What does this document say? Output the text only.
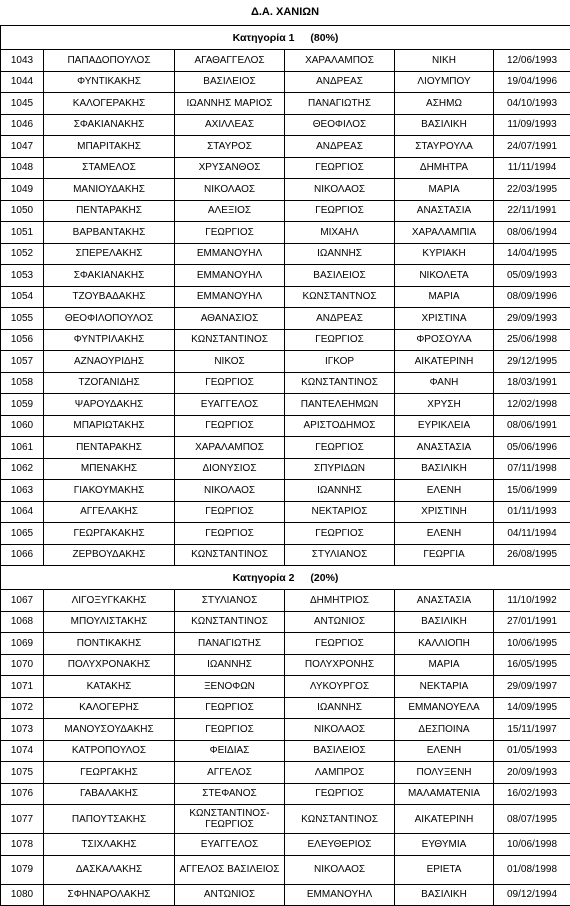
Δ.Α. ΧΑΝΙΩΝ
Κατηγορία 1 (80%)					
1043	ΠΑΠΑΔΟΠΟΥΛΟΣ	ΑΓΑΘΑΓΓΕΛΟΣ	ΧΑΡΑΛΑΜΠΟΣ	ΝΙΚΗ	12/06/1993
1044	ΦΥΝΤΙΚΑΚΗΣ	ΒΑΣΙΛΕΙΟΣ	ΑΝΔΡΕΑΣ	ΛΙΟΥΜΠΟΥ	19/04/1996
1045	ΚΑΛΟΓΕΡΑΚΗΣ	ΙΩΑΝΝΗΣ ΜΑΡΙΟΣ	ΠΑΝΑΓΙΩΤΗΣ	ΑΣΗΜΩ	04/10/1993
1046	ΣΦΑΚΙΑΝΑΚΗΣ	ΑΧΙΛΛΕΑΣ	ΘΕΟΦΙΛΟΣ	ΒΑΣΙΛΙΚΗ	11/09/1993
1047	ΜΠΑΡΙΤΑΚΗΣ	ΣΤΑΥΡΟΣ	ΑΝΔΡΕΑΣ	ΣΤΑΥΡΟΥΛΑ	24/07/1991
1048	ΣΤΑΜΕΛΟΣ	ΧΡΥΣΑΝΘΟΣ	ΓΕΩΡΓΙΟΣ	ΔΗΜΗΤΡΑ	11/11/1994
1049	ΜΑΝΙΟΥΔΑΚΗΣ	ΝΙΚΟΛΑΟΣ	ΝΙΚΟΛΑΟΣ	ΜΑΡΙΑ	22/03/1995
1050	ΠΕΝΤΑΡΑΚΗΣ	ΑΛΕΞΙΟΣ	ΓΕΩΡΓΙΟΣ	ΑΝΑΣΤΑΣΙΑ	22/11/1991
1051	ΒΑΡΒΑΝΤΑΚΗΣ	ΓΕΩΡΓΙΟΣ	ΜΙΧΑΗΛ	ΧΑΡΑΛΑΜΠΙΑ	08/06/1994
1052	ΣΠΕΡΕΛΑΚΗΣ	ΕΜΜΑΝΟΥΗΛ	ΙΩΑΝΝΗΣ	ΚΥΡΙΑΚΗ	14/04/1995
1053	ΣΦΑΚΙΑΝΑΚΗΣ	ΕΜΜΑΝΟΥΗΛ	ΒΑΣΙΛΕΙΟΣ	ΝΙΚΟΛΕΤΑ	05/09/1993
1054	ΤΖΟΥΒΑΔΑΚΗΣ	ΕΜΜΑΝΟΥΗΛ	ΚΩΝΣΤΑΝΤΝΟΣ	ΜΑΡΙΑ	08/09/1996
1055	ΘΕΟΦΙΛΟΠΟΥΛΟΣ	ΑΘΑΝΑΣΙΟΣ	ΑΝΔΡΕΑΣ	ΧΡΙΣΤΙΝΑ	29/09/1993
1056	ΦΥΝΤΡΙΛΑΚΗΣ	ΚΩΝΣΤΑΝΤΙΝΟΣ	ΓΕΩΡΓΙΟΣ	ΦΡΟΣΟΥΛΑ	25/06/1998
1057	ΑΖΝΑΟΥΡΙΔΗΣ	ΝΙΚΟΣ	ΙΓΚΟΡ	ΑΙΚΑΤΕΡΙΝΗ	29/12/1995
1058	ΤΖΟΓΑΝΙΔΗΣ	ΓΕΩΡΓΙΟΣ	ΚΩΝΣΤΑΝΤΙΝΟΣ	ΦΑΝΗ	18/03/1991
1059	ΨΑΡΟΥΔΑΚΗΣ	ΕΥΑΓΓΕΛΟΣ	ΠΑΝΤΕΛΕΗΜΩΝ	ΧΡΥΣΗ	12/02/1998
1060	ΜΠΑΡΙΩΤΑΚΗΣ	ΓΕΩΡΓΙΟΣ	ΑΡΙΣΤΟΔΗΜΟΣ	ΕΥΡΙΚΛΕΙΑ	08/06/1991
1061	ΠΕΝΤΑΡΑΚΗΣ	ΧΑΡΑΛΑΜΠΟΣ	ΓΕΩΡΓΙΟΣ	ΑΝΑΣΤΑΣΙΑ	05/06/1996
1062	ΜΠΕΝΑΚΗΣ	ΔΙΟΝΥΣΙΟΣ	ΣΠΥΡΙΔΩΝ	ΒΑΣΙΛΙΚΗ	07/11/1998
1063	ΓΙΑΚΟΥΜΑΚΗΣ	ΝΙΚΟΛΑΟΣ	ΙΩΑΝΝΗΣ	ΕΛΕΝΗ	15/06/1999
1064	ΑΓΓΕΛΑΚΗΣ	ΓΕΩΡΓΙΟΣ	ΝΕΚΤΑΡΙΟΣ	ΧΡΙΣΤΙΝΗ	01/11/1993
1065	ΓΕΩΡΓΑΚΑΚΗΣ	ΓΕΩΡΓΙΟΣ	ΓΕΩΡΓΙΟΣ	ΕΛΕΝΗ	04/11/1994
1066	ΖΕΡΒΟΥΔΑΚΗΣ	ΚΩΝΣΤΑΝΤΙΝΟΣ	ΣΤΥΛΙΑΝΟΣ	ΓΕΩΡΓΙΑ	26/08/1995
Κατηγορία 2 (20%)					
1067	ΛΙΓΟΞΥΓΚΑΚΗΣ	ΣΤΥΛΙΑΝΟΣ	ΔΗΜΗΤΡΙΟΣ	ΑΝΑΣΤΑΣΙΑ	11/10/1992
1068	ΜΠΟΥΛΙΣΤΑΚΗΣ	ΚΩΝΣΤΑΝΤΙΝΟΣ	ΑΝΤΩΝΙΟΣ	ΒΑΣΙΛΙΚΗ	27/01/1991
1069	ΠΟΝΤΙΚΑΚΗΣ	ΠΑΝΑΓΙΩΤΗΣ	ΓΕΩΡΓΙΟΣ	ΚΑΛΛΙΟΠΗ	10/06/1995
1070	ΠΟΛΥΧΡΟΝΑΚΗΣ	ΙΩΑΝΝΗΣ	ΠΟΛΥΧΡΟΝΗΣ	ΜΑΡΙΑ	16/05/1995
1071	ΚΑΤΑΚΗΣ	ΞΕΝΟΦΩΝ	ΛΥΚΟΥΡΓΟΣ	ΝΕΚΤΑΡΙΑ	29/09/1997
1072	ΚΑΛΟΓΕΡΗΣ	ΓΕΩΡΓΙΟΣ	ΙΩΑΝΝΗΣ	ΕΜΜΑΝΟΥΕΛΑ	14/09/1995
1073	ΜΑΝΟΥΣΟΥΔΑΚΗΣ	ΓΕΩΡΓΙΟΣ	ΝΙΚΟΛΑΟΣ	ΔΕΣΠΟΙΝΑ	15/11/1997
1074	ΚΑΤΡΟΠΟΥΛΟΣ	ΦΕΙΔΙΑΣ	ΒΑΣΙΛΕΙΟΣ	ΕΛΕΝΗ	01/05/1993
1075	ΓΕΩΡΓΑΚΗΣ	ΑΓΓΕΛΟΣ	ΛΑΜΠΡΟΣ	ΠΟΛΥΞΕΝΗ	20/09/1993
1076	ΓΑΒΑΛΑΚΗΣ	ΣΤΕΦΑΝΟΣ	ΓΕΩΡΓΙΟΣ	ΜΑΛΑΜΑΤΕΝΙΑ	16/02/1993
1077	ΠΑΠΟΥΤΣΑΚΗΣ	ΚΩΝΣΤΑΝΤΙΝΟΣ-ΓΕΩΡΓΙΟΣ	ΚΩΝΣΤΑΝΤΙΝΟΣ	ΑΙΚΑΤΕΡΙΝΗ	08/07/1995
1078	ΤΣΙΧΛΑΚΗΣ	ΕΥΑΓΓΕΛΟΣ	ΕΛΕΥΘΕΡΙΟΣ	ΕΥΘΥΜΙΑ	10/06/1998
1079	ΔΑΣΚΑΛΑΚΗΣ	ΑΓΓΕΛΟΣ ΒΑΣΙΛΕΙΟΣ	ΝΙΚΟΛΑΟΣ	ΕΡΙΕΤΑ	01/08/1998
1080	ΣΦΗΝΑΡΟΛΑΚΗΣ	ΑΝΤΩΝΙΟΣ	ΕΜΜΑΝΟΥΗΛ	ΒΑΣΙΛΙΚΗ	09/12/1994
